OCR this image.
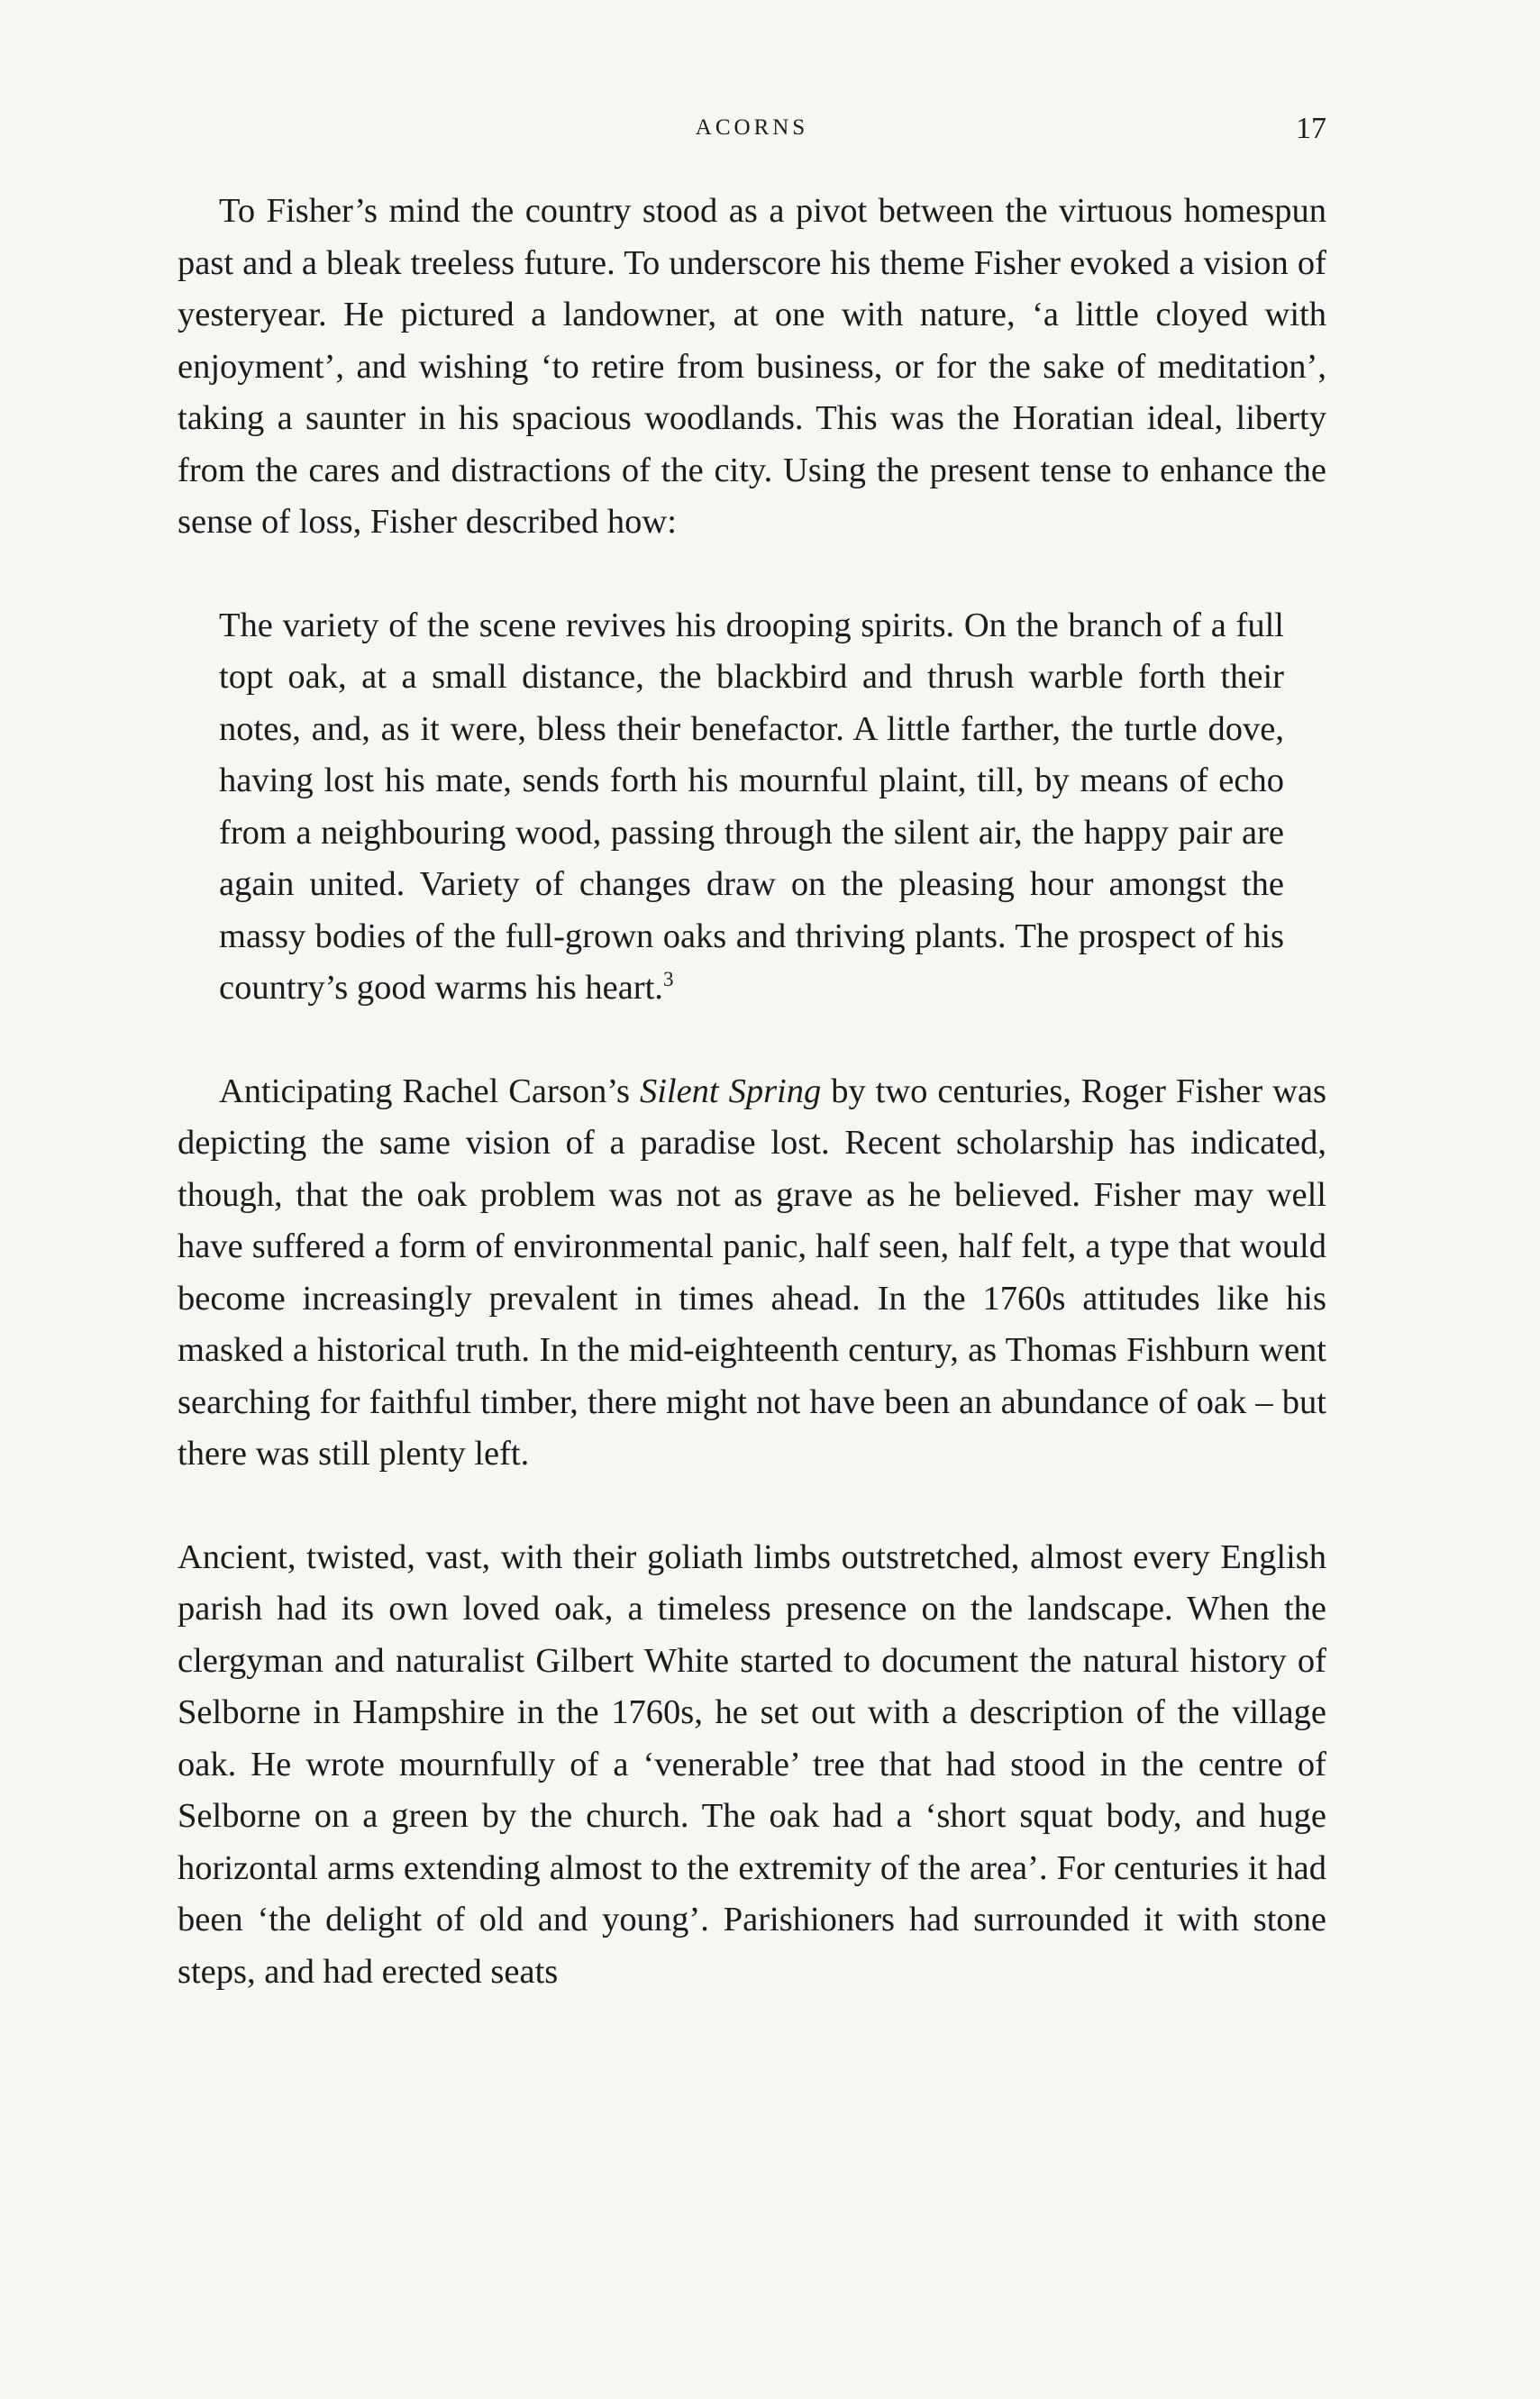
ACORNS	17

To Fisher’s mind the country stood as a pivot between the virtuous homespun past and a bleak treeless future. To underscore his theme Fisher evoked a vision of yesteryear. He pictured a landowner, at one with nature, ‘a little cloyed with enjoyment’, and wishing ‘to retire from business, or for the sake of meditation’, taking a saunter in his spacious woodlands. This was the Horatian ideal, liberty from the cares and distractions of the city. Using the present tense to enhance the sense of loss, Fisher described how:

The variety of the scene revives his drooping spirits. On the branch of a full topt oak, at a small distance, the blackbird and thrush warble forth their notes, and, as it were, bless their benefactor. A little farther, the turtle dove, having lost his mate, sends forth his mournful plaint, till, by means of echo from a neighbouring wood, passing through the silent air, the happy pair are again united. Variety of changes draw on the pleasing hour amongst the massy bodies of the full-grown oaks and thriving plants. The prospect of his country’s good warms his heart.$^3$

Anticipating Rachel Carson’s Silent Spring by two centuries, Roger Fisher was depicting the same vision of a paradise lost. Recent scholarship has indicated, though, that the oak problem was not as grave as he believed. Fisher may well have suffered a form of environmental panic, half seen, half felt, a type that would become increasingly prevalent in times ahead. In the 1760s attitudes like his masked a historical truth. In the mid-eighteenth century, as Thomas Fishburn went searching for faithful timber, there might not have been an abundance of oak – but there was still plenty left.

Ancient, twisted, vast, with their goliath limbs outstretched, almost every English parish had its own loved oak, a timeless presence on the landscape. When the clergyman and naturalist Gilbert White started to document the natural history of Selborne in Hampshire in the 1760s, he set out with a description of the village oak. He wrote mournfully of a ‘venerable’ tree that had stood in the centre of Selborne on a green by the church. The oak had a ‘short squat body, and huge horizontal arms extending almost to the extremity of the area’. For centuries it had been ‘the delight of old and young’. Parishioners had surrounded it with stone steps, and had erected seats
